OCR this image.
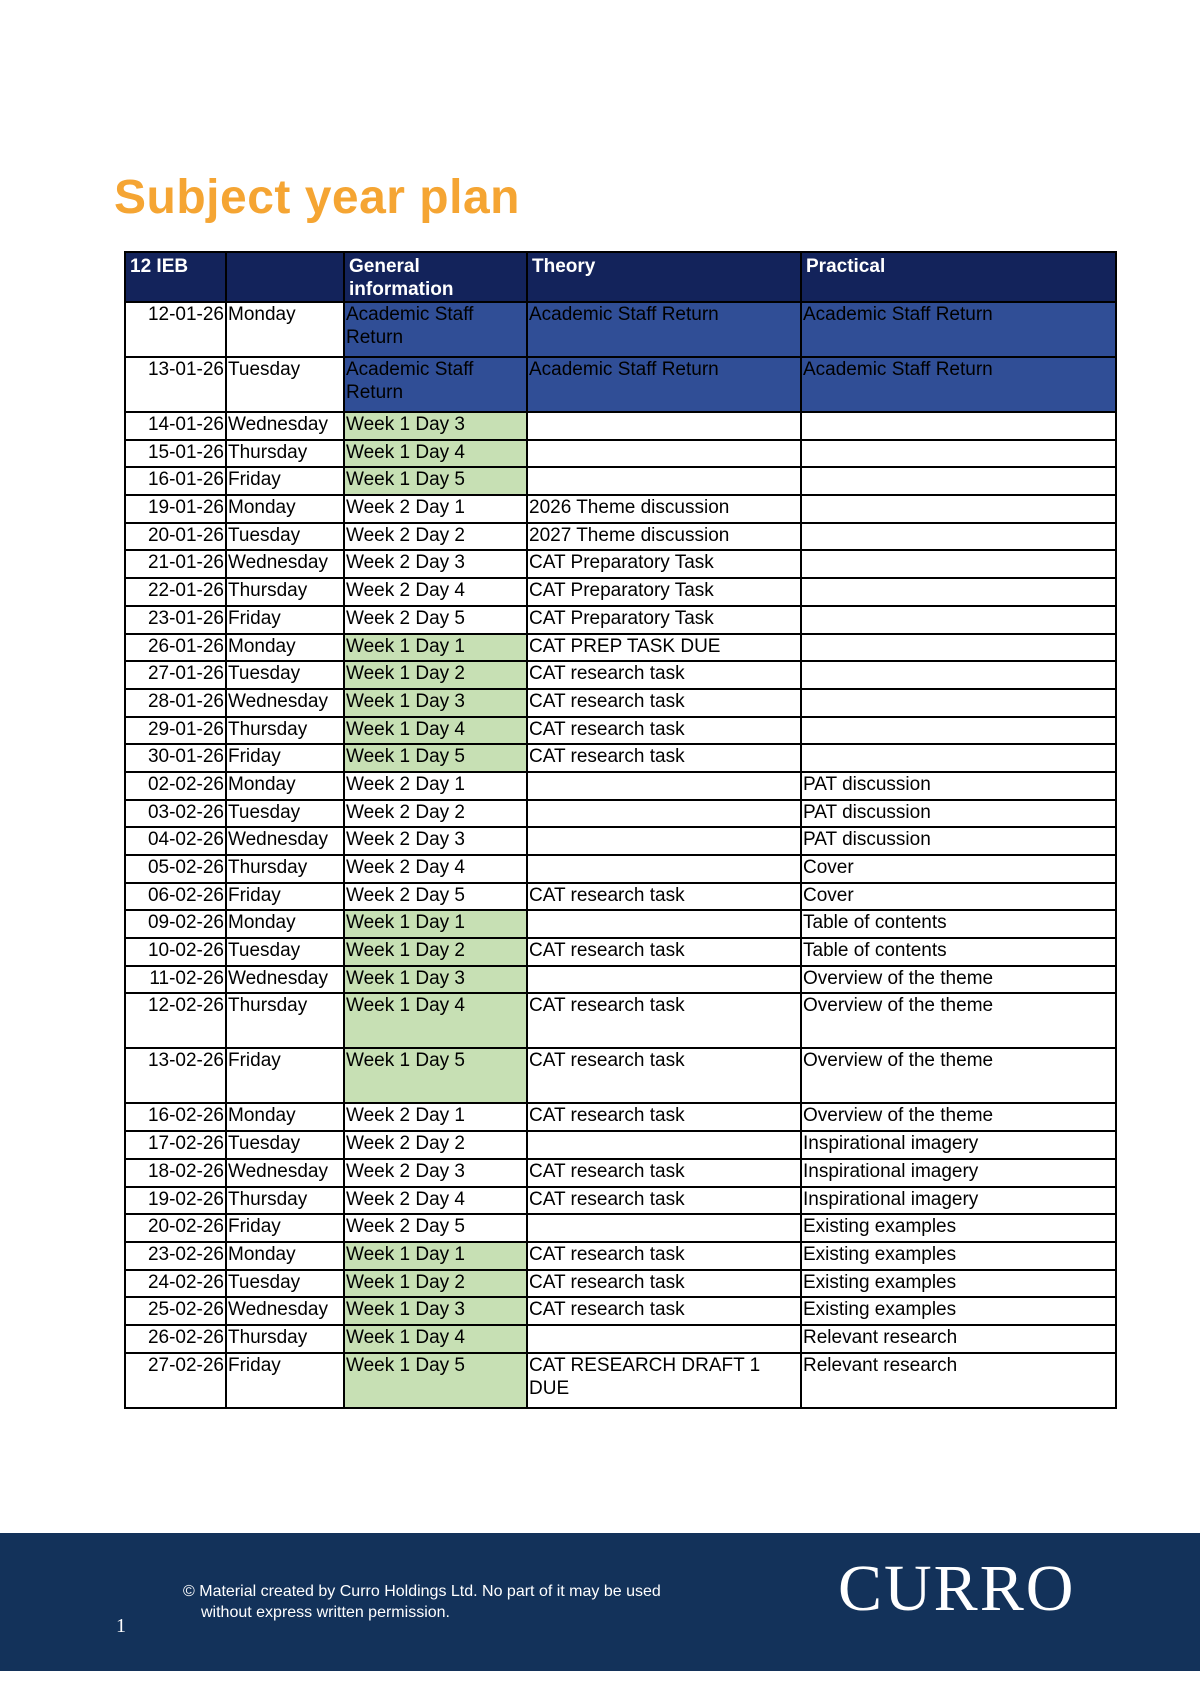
Subject year plan
12 IEB		General information	Theory	Practical
12-01-26	Monday	Academic Staff Return	Academic Staff Return	Academic Staff Return
13-01-26	Tuesday	Academic Staff Return	Academic Staff Return	Academic Staff Return
14-01-26	Wednesday	Week 1 Day 3		
15-01-26	Thursday	Week 1 Day 4		
16-01-26	Friday	Week 1 Day 5		
19-01-26	Monday	Week 2 Day 1	2026 Theme discussion	
20-01-26	Tuesday	Week 2 Day 2	2027 Theme discussion	
21-01-26	Wednesday	Week 2 Day 3	CAT Preparatory Task	
22-01-26	Thursday	Week 2 Day 4	CAT Preparatory Task	
23-01-26	Friday	Week 2 Day 5	CAT Preparatory Task	
26-01-26	Monday	Week 1 Day 1	CAT PREP TASK DUE	
27-01-26	Tuesday	Week 1 Day 2	CAT research task	
28-01-26	Wednesday	Week 1 Day 3	CAT research task	
29-01-26	Thursday	Week 1 Day 4	CAT research task	
30-01-26	Friday	Week 1 Day 5	CAT research task	
02-02-26	Monday	Week 2 Day 1		PAT discussion
03-02-26	Tuesday	Week 2 Day 2		PAT discussion
04-02-26	Wednesday	Week 2 Day 3		PAT discussion
05-02-26	Thursday	Week 2 Day 4		Cover
06-02-26	Friday	Week 2 Day 5	CAT research task	Cover
09-02-26	Monday	Week 1 Day 1		Table of contents
10-02-26	Tuesday	Week 1 Day 2	CAT research task	Table of contents
11-02-26	Wednesday	Week 1 Day 3		Overview of the theme
12-02-26	Thursday	Week 1 Day 4	CAT research task	Overview of the theme
13-02-26	Friday	Week 1 Day 5	CAT research task	Overview of the theme
16-02-26	Monday	Week 2 Day 1	CAT research task	Overview of the theme
17-02-26	Tuesday	Week 2 Day 2		Inspirational imagery
18-02-26	Wednesday	Week 2 Day 3	CAT research task	Inspirational imagery
19-02-26	Thursday	Week 2 Day 4	CAT research task	Inspirational imagery
20-02-26	Friday	Week 2 Day 5		Existing examples
23-02-26	Monday	Week 1 Day 1	CAT research task	Existing examples
24-02-26	Tuesday	Week 1 Day 2	CAT research task	Existing examples
25-02-26	Wednesday	Week 1 Day 3	CAT research task	Existing examples
26-02-26	Thursday	Week 1 Day 4		Relevant research
27-02-26	Friday	Week 1 Day 5	CAT RESEARCH DRAFT 1 DUE	Relevant research
© Material created by Curro Holdings Ltd. No part of it may be used
without express written permission.	CURRO
1
